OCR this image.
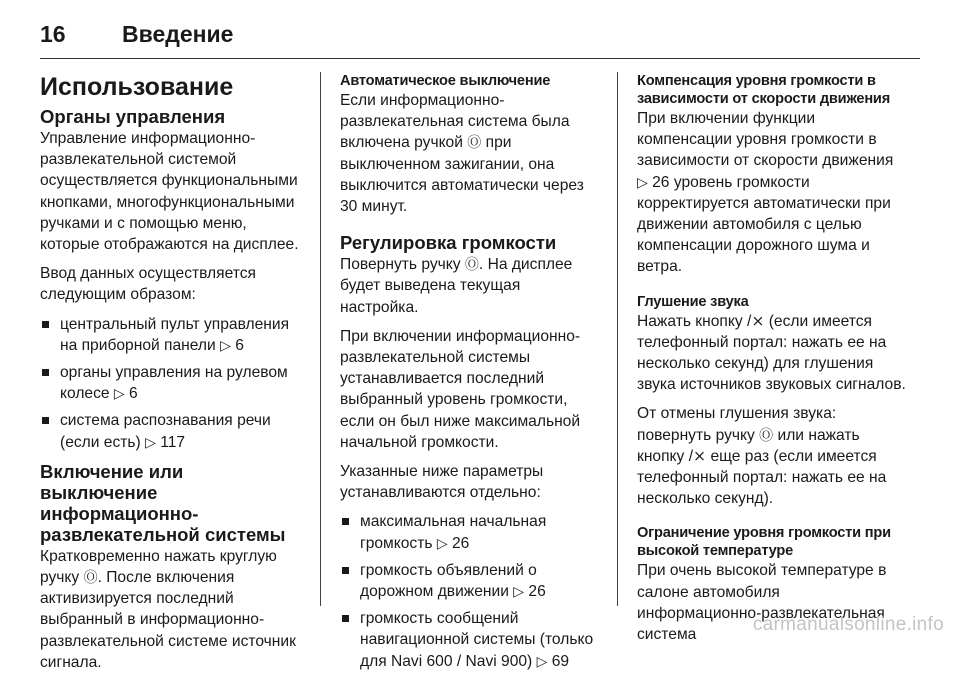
16	Введение
Использование
Органы управления

Управление информационно-развлекательной системой осуществляется функциональными кнопками, многофункциональными ручками и с помощью меню, которые отображаются на дисплее.

Ввод данных осуществляется следующим образом:

центральный пульт управления на приборной панели ▷ 6
органы управления на рулевом колесе ▷ 6
система распознавания речи (если есть) ▷ 117
Включение или выключение информационно-развлекательной системы

Кратковременно нажать круглую ручку Ⓞ. После включения активизируется последний выбранный в информационно-развлекательной системе источник сигнала.

Автоматическое выключение

Если информационно-развлекательная система была включена ручкой Ⓞ при выключенном зажигании, она выключится автоматически через 30 минут.

Регулировка громкости

Повернуть ручку Ⓞ. На дисплее будет выведена текущая настройка.

При включении информационно-развлекательной системы устанавливается последний выбранный уровень громкости, если он был ниже максимальной начальной громкости.

Указанные ниже параметры устанавливаются отдельно:

максимальная начальная громкость ▷ 26
громкость объявлений о дорожном движении ▷ 26
громкость сообщений навигационной системы (только для Navi 600 / Navi 900) ▷ 69
Компенсация уровня громкости в зависимости от скорости движения

При включении функции компенсации уровня громкости в зависимости от скорости движения ▷ 26 уровень громкости корректируется автоматически при движении автомобиля с целью компенсации дорожного шума и ветра.

Глушение звука

Нажать кнопку /⨯ (если имеется телефонный портал: нажать ее на несколько секунд) для глушения звука источников звуковых сигналов.

От отмены глушения звука: повернуть ручку Ⓞ или нажать кнопку /⨯ еще раз (если имеется телефонный портал: нажать ее на несколько секунд).

Ограничение уровня громкости при высокой температуре

При очень высокой температуре в салоне автомобиля информационно-развлекательная система	carmanualsonline.info
